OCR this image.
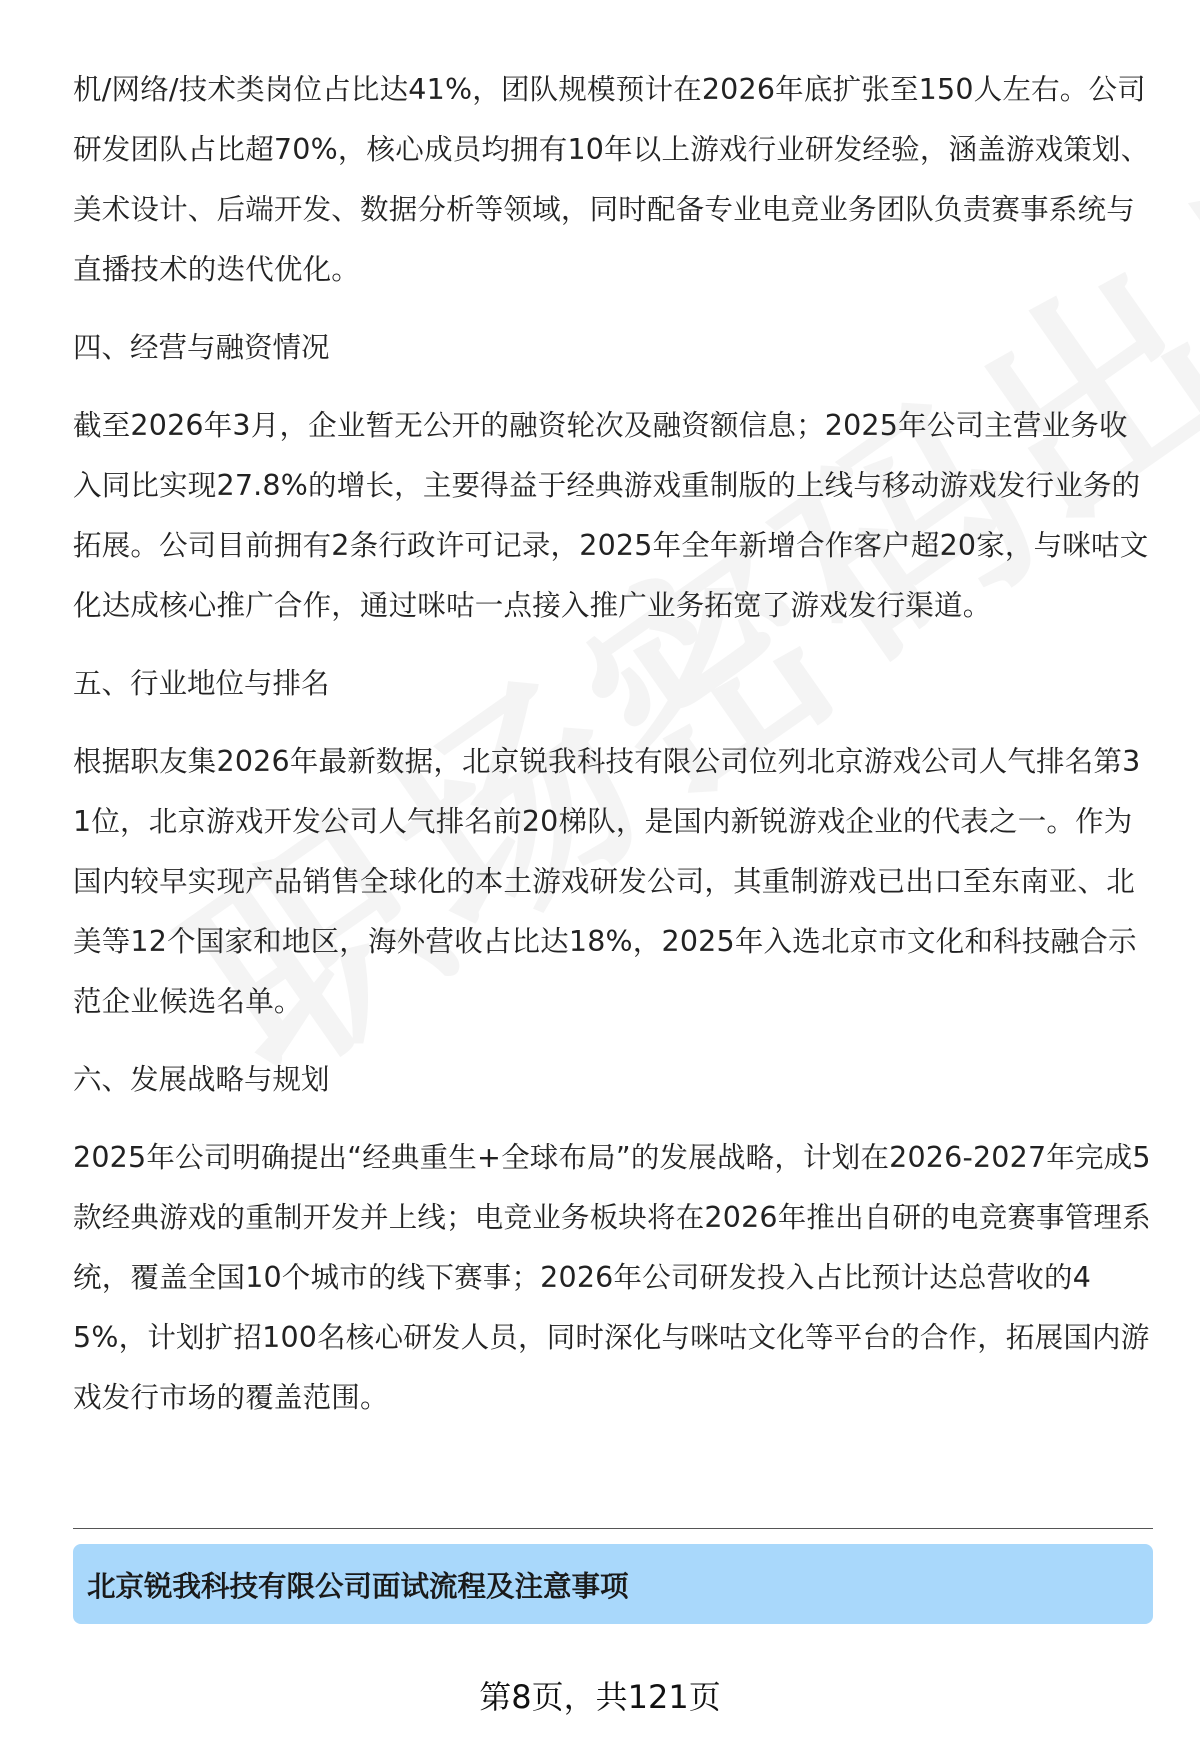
机/网络/技术类岗位占比达41%，团队规模预计在2026年底扩张至150人左右。公司研发团队占比超70%，核心成员均拥有10年以上游戏行业研发经验，涵盖游戏策划、美术设计、后端开发、数据分析等领域，同时配备专业电竞业务团队负责赛事系统与直播技术的迭代优化。

四、经营与融资情况

截至2026年3月，企业暂无公开的融资轮次及融资额信息；2025年公司主营业务收入同比实现27.8%的增长，主要得益于经典游戏重制版的上线与移动游戏发行业务的拓展。公司目前拥有2条行政许可记录，2025年全年新增合作客户超20家，与咪咕文化达成核心推广合作，通过咪咕一点接入推广业务拓宽了游戏发行渠道。

五、行业地位与排名

根据职友集2026年最新数据，北京锐我科技有限公司位列北京游戏公司人气排名第31位，北京游戏开发公司人气排名前20梯队，是国内新锐游戏企业的代表之一。作为国内较早实现产品销售全球化的本土游戏研发公司，其重制游戏已出口至东南亚、北美等12个国家和地区，海外营收占比达18%，2025年入选北京市文化和科技融合示范企业候选名单。

六、发展战略与规划

2025年公司明确提出“经典重生+全球布局”的发展战略，计划在2026-2027年完成5款经典游戏的重制开发并上线；电竞业务板块将在2026年推出自研的电竞赛事管理系统，覆盖全国10个城市的线下赛事；2026年公司研发投入占比预计达总营收的45%，计划扩招100名核心研发人员，同时深化与咪咕文化等平台的合作，拓展国内游戏发行市场的覆盖范围。

北京锐我科技有限公司面试流程及注意事项
第8页，共121页
